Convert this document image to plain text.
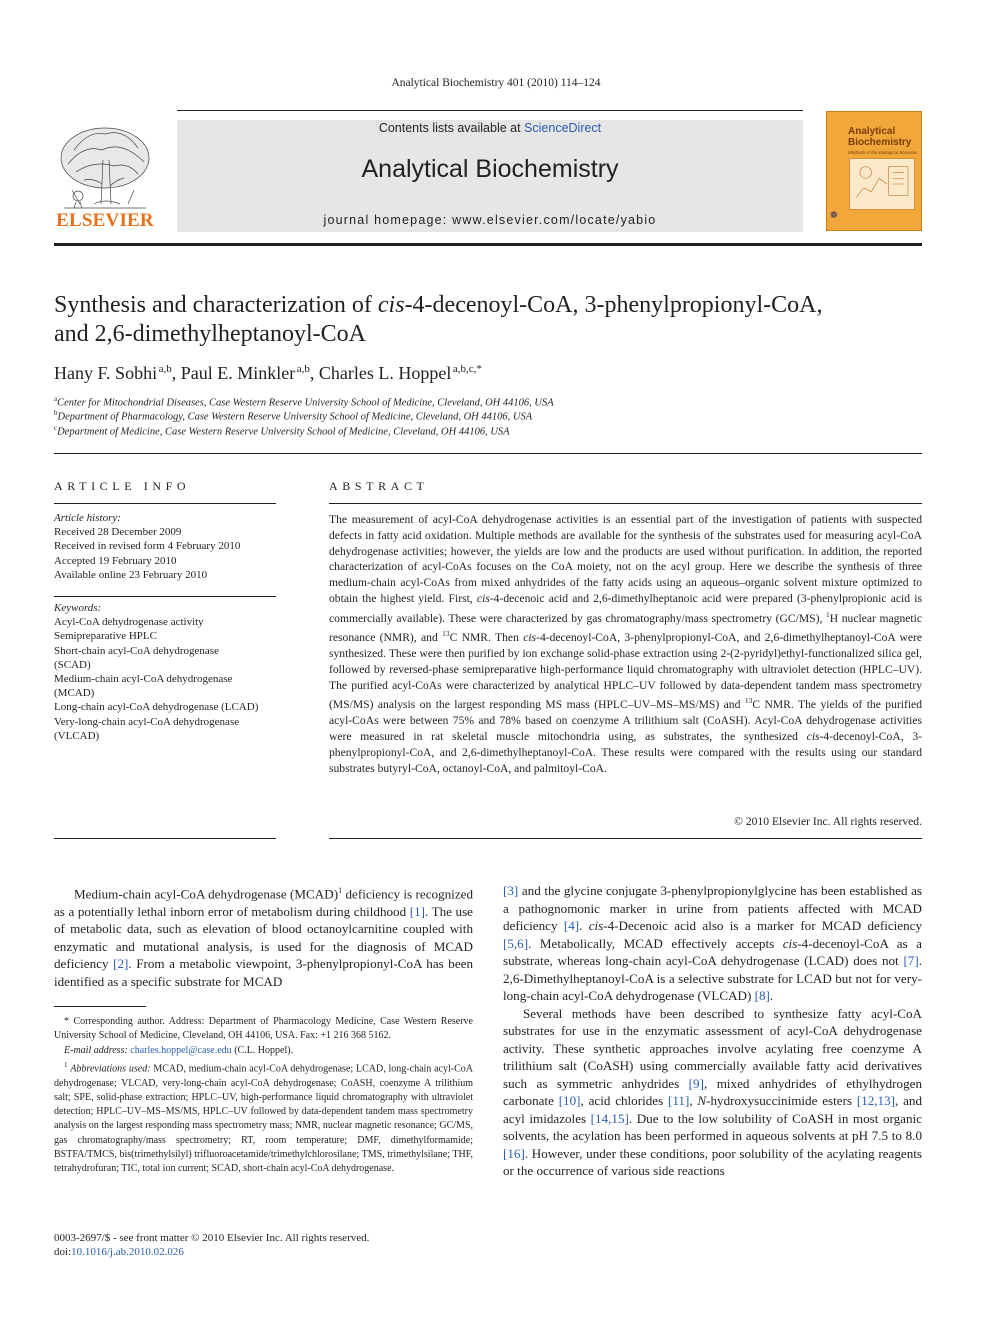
Analytical Biochemistry 401 (2010) 114–124
ELSEVIER
Contents lists available at ScienceDirect
Analytical Biochemistry
journal homepage: www.elsevier.com/locate/yabio
Analytical Biochemistry
Methods in the Biological Sciences
❁
Synthesis and characterization of cis-4-decenoyl-CoA, 3-phenylpropionyl-CoA,
and 2,6-dimethylheptanoyl-CoA
Hany F. Sobhi  $^{a,b}$, Paul E. Minkler  $^{a,b}$, Charles L. Hoppel  $^{a,b,c,*}$
$^a$Center for Mitochondrial Diseases, Case Western Reserve University School of Medicine, Cleveland, OH 44106, USA
$^b$Department of Pharmacology, Case Western Reserve University School of Medicine, Cleveland, OH 44106, USA
$^c$Department of Medicine, Case Western Reserve University School of Medicine, Cleveland, OH 44106, USA
ARTICLE INFO	ABSTRACT
Article history:
Received 28 December 2009
Received in revised form 4 February 2010
Accepted 19 February 2010
Available online 23 February 2010
Keywords:
Acyl-CoA dehydrogenase activity
Semipreparative HPLC
Short-chain acyl-CoA dehydrogenase
(SCAD)
Medium-chain acyl-CoA dehydrogenase
(MCAD)
Long-chain acyl-CoA dehydrogenase (LCAD)
Very-long-chain acyl-CoA dehydrogenase
(VLCAD)
The measurement of acyl-CoA dehydrogenase activities is an essential part of the investigation of patients with suspected defects in fatty acid oxidation. Multiple methods are available for the synthesis of the substrates used for measuring acyl-CoA dehydrogenase activities; however, the yields are low and the products are used without purification. In addition, the reported characterization of acyl-CoAs focuses on the CoA moiety, not on the acyl group. Here we describe the synthesis of three medium-chain acyl-CoAs from mixed anhydrides of the fatty acids using an aqueous–organic solvent mixture optimized to obtain the highest yield. First, cis-4-decenoic acid and 2,6-dimethylheptanoic acid were prepared (3-phenylpropionic acid is commercially available). These were characterized by gas chromatography/mass spectrometry (GC/MS), $^1$H nuclear magnetic resonance (NMR), and $^{13}$C NMR. Then cis-4-decenoyl-CoA, 3-phenylpropionyl-CoA, and 2,6-dimethylheptanoyl-CoA were synthesized. These were then purified by ion exchange solid-phase extraction using 2-(2-pyridyl)ethyl-functionalized silica gel, followed by reversed-phase semipreparative high-performance liquid chromatography with ultraviolet detection (HPLC–UV). The purified acyl-CoAs were characterized by analytical HPLC–UV followed by data-dependent tandem mass spectrometry (MS/MS) analysis on the largest responding MS mass (HPLC–UV–MS–MS/MS) and $^{13}$C NMR. The yields of the purified acyl-CoAs were between 75% and 78% based on coenzyme A trilithium salt (CoASH). Acyl-CoA dehydrogenase activities were measured in rat skeletal muscle mitochondria using, as substrates, the synthesized cis-4-decenoyl-CoA, 3-phenylpropionyl-CoA, and 2,6-dimethylheptanoyl-CoA. These results were compared with the results using our standard substrates butyryl-CoA, octanoyl-CoA, and palmitoyl-CoA.
© 2010 Elsevier Inc. All rights reserved.

Medium-chain acyl-CoA dehydrogenase (MCAD)$^1$ deficiency is recognized as a potentially lethal inborn error of metabolism during childhood [1]. The use of metabolic data, such as elevation of blood octanoylcarnitine coupled with enzymatic and mutational analysis, is used for the diagnosis of MCAD deficiency [2]. From a metabolic viewpoint, 3-phenylpropionyl-CoA has been identified as a specific substrate for MCAD

[3] and the glycine conjugate 3-phenylpropionylglycine has been established as a pathognomonic marker in urine from patients affected with MCAD deficiency [4]. cis-4-Decenoic acid also is a marker for MCAD deficiency [5,6]. Metabolically, MCAD effectively accepts cis-4-decenoyl-CoA as a substrate, whereas long-chain acyl-CoA dehydrogenase (LCAD) does not [7]. 2,6-Dimethylheptanoyl-CoA is a selective substrate for LCAD but not for very-long-chain acyl-CoA dehydrogenase (VLCAD) [8].

Several methods have been described to synthesize fatty acyl-CoA substrates for use in the enzymatic assessment of acyl-CoA dehydrogenase activity. These synthetic approaches involve acylating free coenzyme A trilithium salt (CoASH) using commercially available fatty acid derivatives such as symmetric anhydrides [9], mixed anhydrides of ethylhydrogen carbonate [10], acid chlorides [11], N-hydroxysuccinimide esters [12,13], and acyl imidazoles [14,15]. Due to the low solubility of CoASH in most organic solvents, the acylation has been performed in aqueous solvents at pH 7.5 to 8.0 [16]. However, under these conditions, poor solubility of the acylating reagents or the occurrence of various side reactions

* Corresponding author. Address: Department of Pharmacology Medicine, Case Western Reserve University School of Medicine, Cleveland, OH 44106, USA. Fax: +1 216 368 5162.

E-mail address: charles.hoppel@case.edu (C.L. Hoppel).

$^1$ Abbreviations used: MCAD, medium-chain acyl-CoA dehydrogenase; LCAD, long-chain acyl-CoA dehydrogenase; VLCAD, very-long-chain acyl-CoA dehydrogenase; CoASH, coenzyme A trilithium salt; SPE, solid-phase extraction; HPLC–UV, high-performance liquid chromatography with ultraviolet detection; HPLC–UV–MS–MS/MS, HPLC–UV followed by data-dependent tandem mass spectrometry analysis on the largest responding mass spectrometry mass; NMR, nuclear magnetic resonance; GC/MS, gas chromatography/mass spectrometry; RT, room temperature; DMF, dimethylformamide; BSTFA/TMCS, bis(trimethylsilyl) trifluoroacetamide/trimethylchlorosilane; TMS, trimethylsilane; THF, tetrahydrofuran; TIC, total ion current; SCAD, short-chain acyl-CoA dehydrogenase.

0003-2697/$ - see front matter © 2010 Elsevier Inc. All rights reserved.
doi:10.1016/j.ab.2010.02.026
